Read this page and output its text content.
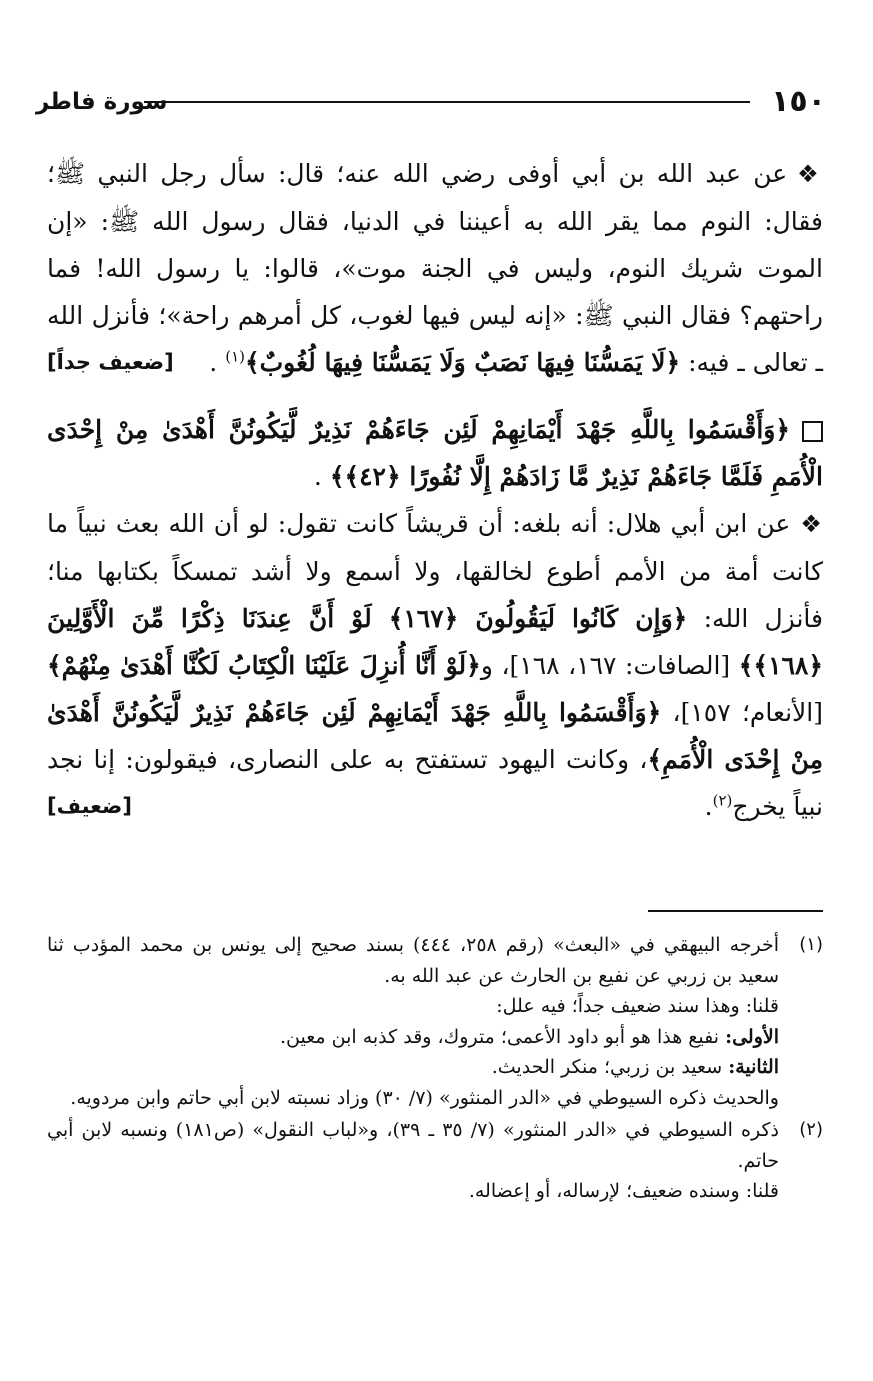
١٥٠
سورة فاطر

❖عن عبد الله بن أبي أوفى رضي الله عنه؛ قال: سأل رجل النبي ﷺ؛ فقال: النوم مما يقر الله به أعيننا في الدنيا، فقال رسول الله ﷺ: «إن الموت شريك النوم، وليس في الجنة موت»، قالوا: يا رسول الله! فما راحتهم؟ فقال النبي ﷺ: «إنه ليس فيها لغوب، كل أمرهم راحة»؛ فأنزل الله ـ تعالى ـ فيه:
[ضعيف جداً]	﴿لَا يَمَسُّنَا فِيهَا نَصَبٌ وَلَا يَمَسُّنَا فِيهَا لُغُوبٌ﴾$^{(١)}$ .

﴿وَأَقْسَمُوا بِاللَّهِ جَهْدَ أَيْمَانِهِمْ لَئِن جَاءَهُمْ نَذِيرٌ لَّيَكُونُنَّ أَهْدَىٰ مِنْ إِحْدَى الْأُمَمِ فَلَمَّا جَاءَهُمْ نَذِيرٌ مَّا زَادَهُمْ إِلَّا نُفُورًا ﴿٤٢﴾﴾ .

❖عن ابن أبي هلال: أنه بلغه: أن قريشاً كانت تقول: لو أن الله بعث نبياً ما كانت أمة من الأمم أطوع لخالقها، ولا أسمع ولا أشد تمسكاً بكتابها منا؛ فأنزل الله: ﴿وَإِن كَانُوا لَيَقُولُونَ ﴿١٦٧﴾ لَوْ أَنَّ عِندَنَا ذِكْرًا مِّنَ الْأَوَّلِينَ ﴿١٦٨﴾﴾ [الصافات: ١٦٧، ١٦٨]، و﴿لَوْ أَنَّا أُنزِلَ عَلَيْنَا الْكِتَابُ لَكُنَّا أَهْدَىٰ مِنْهُمْ﴾ [الأنعام؛ ١٥٧]، ﴿وَأَقْسَمُوا بِاللَّهِ جَهْدَ أَيْمَانِهِمْ لَئِن جَاءَهُمْ نَذِيرٌ لَّيَكُونُنَّ أَهْدَىٰ مِنْ إِحْدَى الْأُمَمِ﴾، وكانت اليهود تستفتح به على النصارى، فيقولون: إنا نجد نبياً يخرج$^{(٢)}$.
[ضعيف]

(١)

أخرجه البيهقي في «البعث» (رقم ٢٥٨، ٤٤٤) بسند صحيح إلى يونس بن محمد المؤدب ثنا سعيد بن زربي عن نفيع بن الحارث عن عبد الله به.

قلنا: وهذا سند ضعيف جداً؛ فيه علل:

الأولى: نفيع هذا هو أبو داود الأعمى؛ متروك، وقد كذبه ابن معين.

الثانية: سعيد بن زربي؛ منكر الحديث.

والحديث ذكره السيوطي في «الدر المنثور» (٧/ ٣٠) وزاد نسبته لابن أبي حاتم وابن مردويه.

(٢)

ذكره السيوطي في «الدر المنثور» (٧/ ٣٥ ـ ٣٩)، و«لباب النقول» (ص١٨١) ونسبه لابن أبي حاتم.

قلنا: وسنده ضعيف؛ لإرساله، أو إعضاله.
